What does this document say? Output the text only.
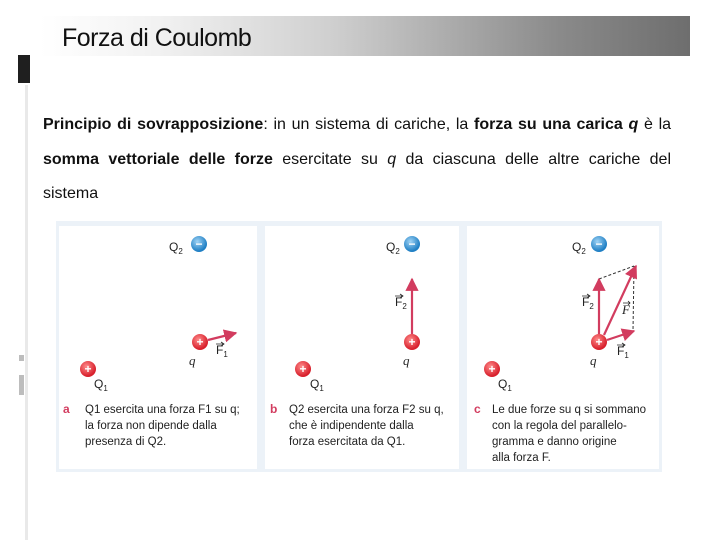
Forza di Coulomb

Principio di sovrapposizione: in un sistema di cariche, la forza su una carica q è la somma vettoriale delle forze esercitate su q da ciascuna delle altre cariche del sistema

$Q_2$
−
+
q
$F_1$
+
$Q_1$
a Q1 esercita una forza F1 su q;
la forza non dipende dalla
presenza di Q2.
$Q_2$
−
$F_2$
+
q
+
$Q_1$
b Q2 esercita una forza F2 su q,
che è indipendente dalla
forza esercitata da Q1.
$Q_2$
−
$F_2$ F
$F_1$
+
q
+
$Q_1$
c Le due forze su q si sommano
con la regola del parallelo-
gramma e danno origine
alla forza F.
